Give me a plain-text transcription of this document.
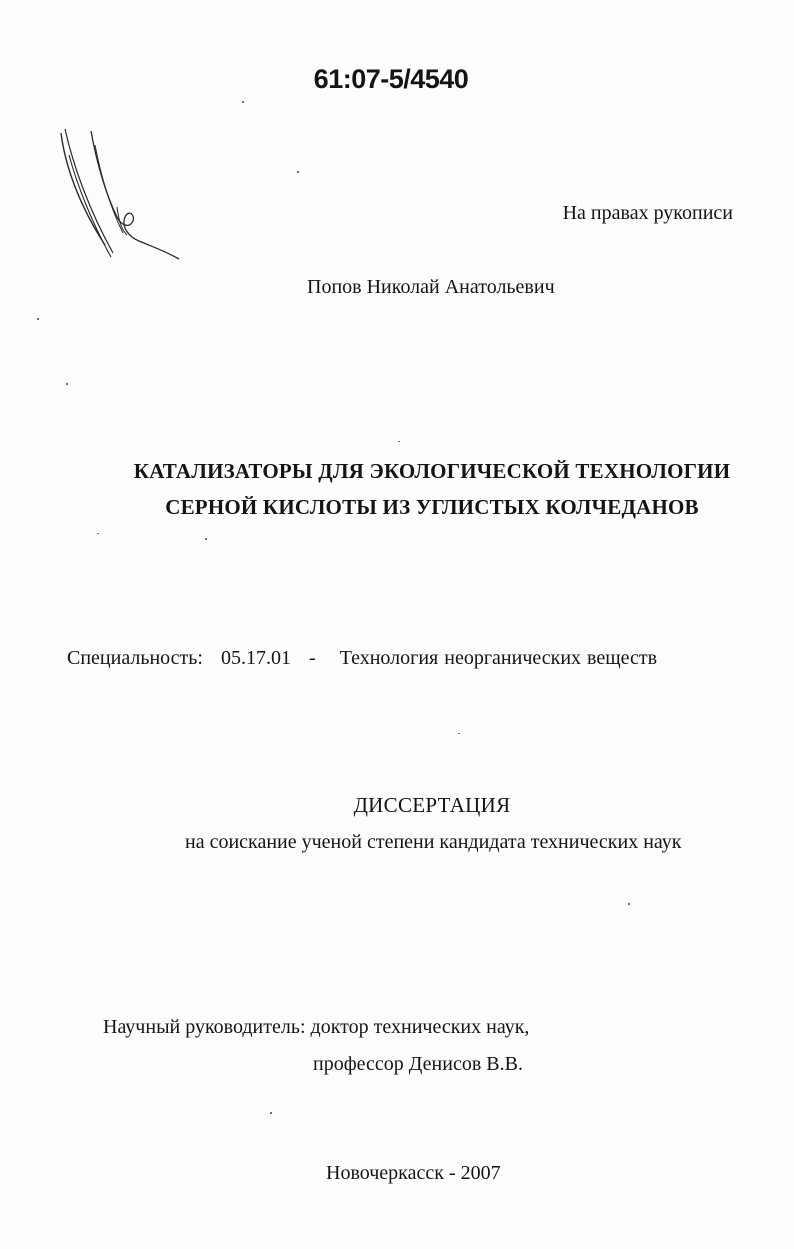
61:07-5/4540
На правах рукописи
Попов Николай Анатольевич
КАТАЛИЗАТОРЫ ДЛЯ ЭКОЛОГИЧЕСКОЙ ТЕХНОЛОГИИ
СЕРНОЙ КИСЛОТЫ ИЗ УГЛИСТЫХ КОЛЧЕДАНОВ
Специальность: 05.17.01 - Технология неорганических веществ
ДИССЕРТАЦИЯ
на соискание ученой степени кандидата технических наук
Научный руководитель: доктор технических наук,
профессор Денисов В.В.
Новочеркасск - 2007
